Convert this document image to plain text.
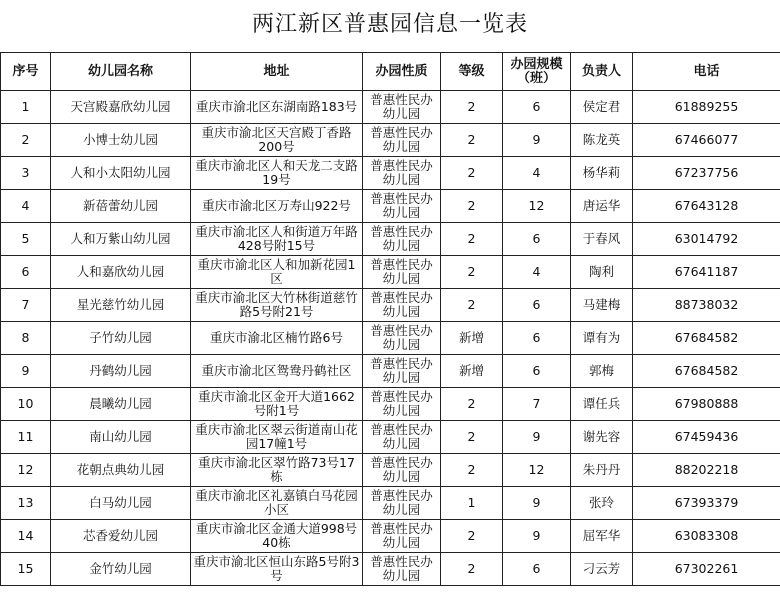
两江新区普惠园信息一览表
序号	幼儿园名称	地址	办园性质	等级	办园规模（班）	负责人	电话
1	天宫殿嘉欣幼儿园	重庆市渝北区东湖南路183号	普惠性民办幼儿园	2	6	侯定君	61889255
2	小博士幼儿园	重庆市渝北区天宫殿丁香路200号	普惠性民办幼儿园	2	9	陈龙英	67466077
3	人和小太阳幼儿园	重庆市渝北区人和天龙二支路19号	普惠性民办幼儿园	2	4	杨华莉	67237756
4	新蓓蕾幼儿园	重庆市渝北区万寿山922号	普惠性民办幼儿园	2	12	唐运华	67643128
5	人和万紫山幼儿园	重庆市渝北区人和街道万年路428号附15号	普惠性民办幼儿园	2	6	于春风	63014792
6	人和嘉欣幼儿园	重庆市渝北区人和加新花园1区	普惠性民办幼儿园	2	4	陶利	67641187
7	星光慈竹幼儿园	重庆市渝北区大竹林街道慈竹路5号附21号	普惠性民办幼儿园	2	6	马建梅	88738032
8	子竹幼儿园	重庆市渝北区楠竹路6号	普惠性民办幼儿园	新增	6	谭有为	67684582
9	丹鹤幼儿园	重庆市渝北区鸳鸯丹鹤社区	普惠性民办幼儿园	新增	6	郭梅	67684582
10	晨曦幼儿园	重庆市渝北区金开大道1662号附1号	普惠性民办幼儿园	2	7	谭任兵	67980888
11	南山幼儿园	重庆市渝北区翠云街道南山花园17幢1号	普惠性民办幼儿园	2	9	谢先容	67459436
12	花朝点典幼儿园	重庆市渝北区翠竹路73号17栋	普惠性民办幼儿园	2	12	朱丹丹	88202218
13	白马幼儿园	重庆市渝北区礼嘉镇白马花园小区	普惠性民办幼儿园	1	9	张玲	67393379
14	芯香爱幼儿园	重庆市渝北区金通大道998号40栋	普惠性民办幼儿园	2	9	屈军华	63083308
15	金竹幼儿园	重庆市渝北区恒山东路5号附3号	普惠性民办幼儿园	2	6	刁云芳	67302261
